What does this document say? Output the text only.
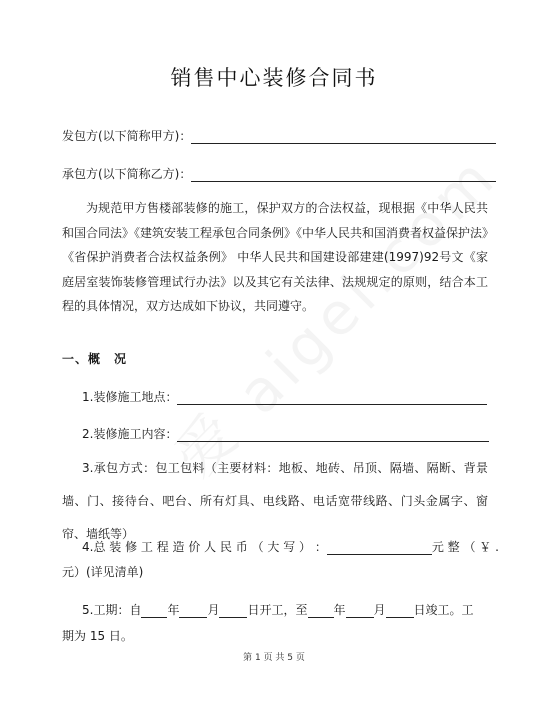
销售中心装修合同书
发包方(以下简称甲方)：
承包方(以下简称乙方)：
为规范甲方售楼部装修的施工，保护双方的合法权益，现根据《中华人民共和国合同法》《建筑安装工程承包合同条例》《中华人民共和国消费者权益保护法》《省保护消费者合法权益条例》 中华人民共和国建设部建建(1997)92号文《家庭居室装饰装修管理试行办法》以及其它有关法律、法规规定的原则，结合本工程的具体情况，双方达成如下协议，共同遵守。
一、概　况
1.装修施工地点：
2.装修施工内容：
3.承包方式：包工包料（主要材料：地板、地砖、吊顶、隔墙、隔断、背景墙、门、接待台、吧台、所有灯具、电线路、电话宽带线路、门头金属字、窗帘、墙纸等）
4.总 装 修 工 程 造 价 人 民 币 （ 大 写 ） ：	元 整 （ ￥ .
元）(详见清单)
5.工期：自 年 月 日开工，至 年 月 日竣工。工
期为 15 日。
第 1 页 共 5 页
